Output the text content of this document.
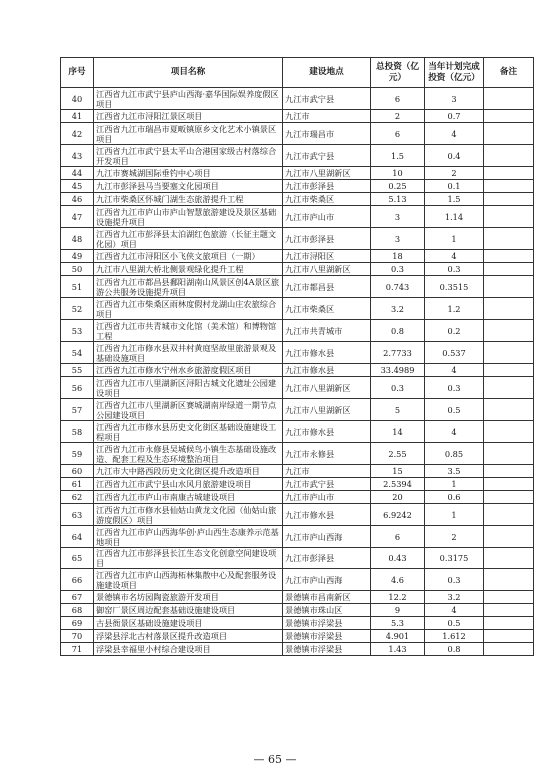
序号	项目名称	建设地点	总投资（亿元）	当年计划完成投资（亿元）	备注
40	江西省九江市武宁县庐山西海·嘉华国际娱养度假区项目	九江市武宁县	6	3	
41	江西省九江市浔阳江景区项目	九江市	2	0.7	
42	江西省九江市瑞昌市夏畈镇原乡文化艺术小镇景区项目	九江市瑞昌市	6	4	
43	江西省九江市武宁县太平山合港国家级古村落综合开发项目	九江市武宁县	1.5	0.4	
44	九江市赛城湖国际垂钓中心项目	九江市八里湖新区	10	2	
45	九江市彭泽县马当要塞文化园项目	九江市彭泽县	0.25	0.1	
46	九江市柴桑区怀城门湖生态旅游提升工程	九江市柴桑区	5.13	1.5	
47	江西省九江市庐山市庐山智慧旅游建设及景区基础设施提升项目	九江市庐山市	3	1.14	
48	江西省九江市彭泽县太泊湖红色旅游（长征主题文化园）项目	九江市彭泽县	3	1	
49	江西省九江市浔阳区小飞侠文旅项目（一期）	九江市浔阳区	18	4	
50	九江市八里湖大桥北侧景观绿化提升工程	九江市八里湖新区	0.3	0.3	
51	江西省九江市都昌县鄱阳湖南山风景区创4A景区旅游公共服务设施提升项目	九江市都昌县	0.743	0.3515	
52	江西省九江市柴桑区雨林度假村龙湖山庄农旅综合项目	九江市柴桑区	3.2	1.2	
53	江西省九江市共青城市文化馆（美术馆）和博物馆工程	九江市共青城市	0.8	0.2	
54	江西省九江市修水县双井村黄庭坚故里旅游景观及基础设施项目	九江市修水县	2.7733	0.537	
55	江西省九江市修水宁州水乡旅游度假区项目	九江市修水县	33.4989	4	
56	江西省九江市八里湖新区浔阳古城文化遗址公园建设项目	九江市八里湖新区	0.3	0.3	
57	江西省九江市八里湖新区赛城湖南岸绿道一期节点公园建设项目	九江市八里湖新区	5	0.5	
58	江西省九江市修水县历史文化街区基础设施建设工程项目	九江市修水县	14	4	
59	江西省九江市永修县吴城候鸟小镇生态基础设施改造、配套工程及生态环境整治项目	九江市永修县	2.55	0.85	
60	九江市大中路西段历史文化街区提升改造项目	九江市	15	3.5	
61	江西省九江市武宁县山水风月旅游建设项目	九江市武宁县	2.5394	1	
62	江西省九江市庐山市南康古城建设项目	九江市庐山市	20	0.6	
63	江西省九江市修水县仙姑山黄龙文化园（仙姑山旅游度假区）项目	九江市修水县	6.9242	1	
64	江西省九江市庐山西海华创·庐山西生态康养示范基地项目	九江市庐山西海	6	2	
65	江西省九江市彭泽县长江生态文化创意空间建设项目	九江市彭泽县	0.43	0.3175	
66	江西省九江市庐山西海柘林集散中心及配套服务设施建设项目	九江市庐山西海	4.6	0.3	
67	景德镇市名坊园陶瓷旅游开发项目	景德镇市昌南新区	12.2	3.2	
68	御窑厂景区周边配套基础设施建设项目	景德镇市珠山区	9	4	
69	古县衙景区基础设施建设项目	景德镇市浮梁县	5.3	0.5	
70	浮梁县浮北古村落景区提升改造项目	景德镇市浮梁县	4.901	1.612	
71	浮梁县幸福里小村综合建设项目	景德镇市浮梁县	1.43	0.8	
— 65 —
